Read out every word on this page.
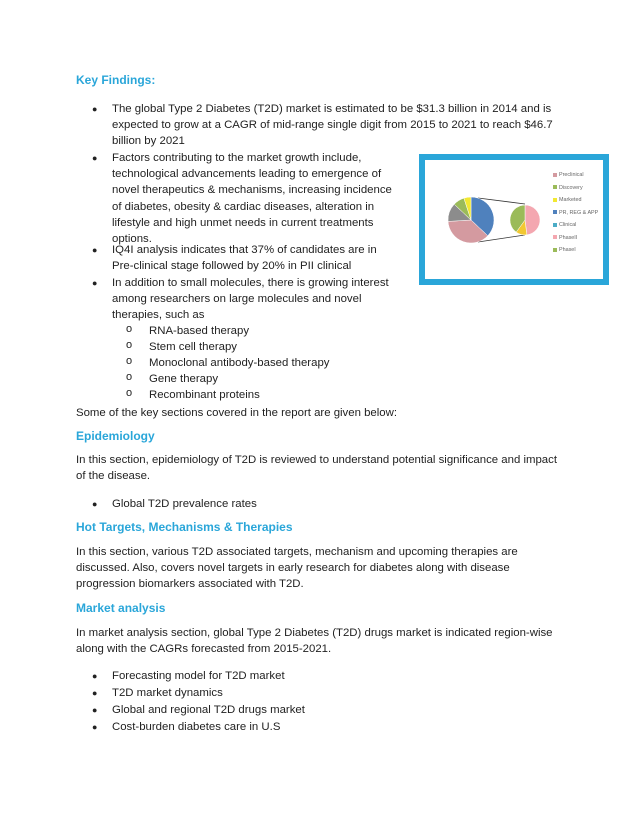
Key Findings:
● The global Type 2 Diabetes (T2D) market is estimated to be $31.3 billion in 2014 and is
expected to grow at a CAGR of mid-range single digit from 2015 to 2021 to reach $46.7
billion by 2021
● Factors contributing to the market growth include,
technological advancements leading to emergence of
novel therapeutics & mechanisms, increasing incidence
of diabetes, obesity & cardiac diseases, alteration in
lifestyle and high unmet needs in current treatments
options.
● IQ4I analysis indicates that 37% of candidates are in
Pre-clinical stage followed by 20% in PII clinical
● In addition to small molecules, there is growing interest
among researchers on large molecules and novel
therapies, such as
o RNA-based therapy
o Stem cell therapy
o Monoclonal antibody-based therapy
o Gene therapy
o Recombinant proteins
Preclinical
Discovery
Marketed
PR, REG & APP
Clinical
PhaseII
PhaseI
Some of the key sections covered in the report are given below:
Epidemiology
In this section, epidemiology of T2D is reviewed to understand potential significance and impact
of the disease.
● Global T2D prevalence rates
Hot Targets, Mechanisms & Therapies
In this section, various T2D associated targets, mechanism and upcoming therapies are
discussed. Also, covers novel targets in early research for diabetes along with disease
progression biomarkers associated with T2D.
Market analysis
In market analysis section, global Type 2 Diabetes (T2D) drugs market is indicated region-wise
along with the CAGRs forecasted from 2015-2021.
● Forecasting model for T2D market
● T2D market dynamics
● Global and regional T2D drugs market
● Cost-burden diabetes care in U.S
